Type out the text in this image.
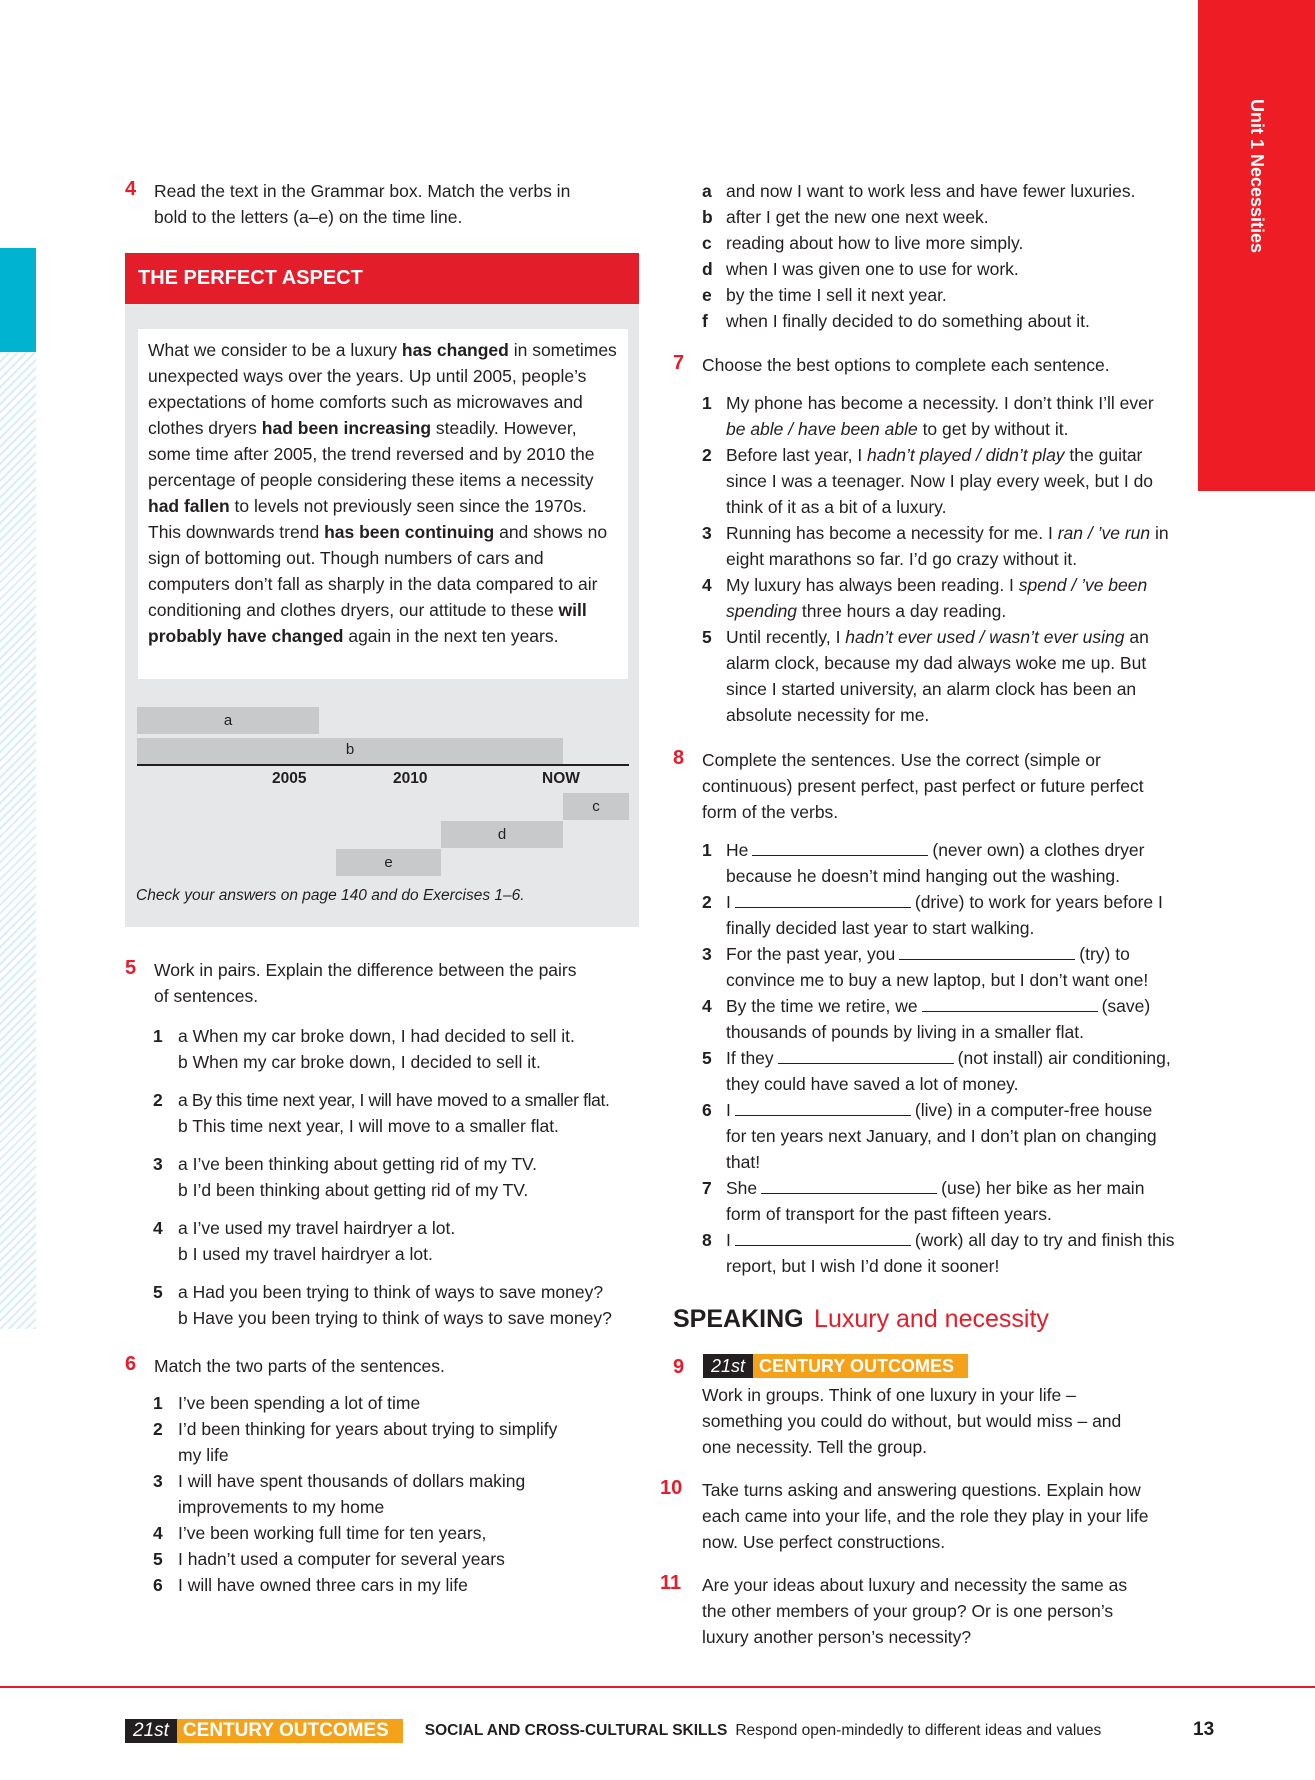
Unit 1 Necessities
4 Read the text in the Grammar box. Match the verbs in
bold to the letters (a–e) on the time line.
THE PERFECT ASPECT
What we consider to be a luxury has changed in sometimes unexpected ways over the years. Up until 2005, people’s expectations of home comforts such as microwaves and clothes dryers had been increasing steadily. However, some time after 2005, the trend reversed and by 2010 the percentage of people considering these items a necessity had fallen to levels not previously seen since the 1970s. This downwards trend has been continuing and shows no sign of bottoming out. Though numbers of cars and computers don’t fall as sharply in the data compared to air conditioning and clothes dryers, our attitude to these will probably have changed again in the next ten years.
a
b
2005	2010	NOW
c
d
e
Check your answers on page 140 and do Exercises 1–6.
5 Work in pairs. Explain the difference between the pairs
of sentences.
1 a When my car broke down, I had decided to sell it.
b When my car broke down, I decided to sell it.
2 a By this time next year, I will have moved to a smaller flat.
b This time next year, I will move to a smaller flat.
3 a I’ve been thinking about getting rid of my TV.
b I’d been thinking about getting rid of my TV.
4 a I’ve used my travel hairdryer a lot.
b I used my travel hairdryer a lot.
5 a Had you been trying to think of ways to save money?
b Have you been trying to think of ways to save money?
6 Match the two parts of the sentences.
1 I’ve been spending a lot of time
2 I’d been thinking for years about trying to simplify
my life
3 I will have spent thousands of dollars making
improvements to my home
4 I’ve been working full time for ten years,
5 I hadn’t used a computer for several years
6 I will have owned three cars in my life
a and now I want to work less and have fewer luxuries.
b after I get the new one next week.
c reading about how to live more simply.
d when I was given one to use for work.
e by the time I sell it next year.
f when I finally decided to do something about it.
7 Choose the best options to complete each sentence.
1 My phone has become a necessity. I don’t think I’ll ever
be able / have been able to get by without it.
2 Before last year, I hadn’t played / didn’t play the guitar
since I was a teenager. Now I play every week, but I do
think of it as a bit of a luxury.
3 Running has become a necessity for me. I ran / ’ve run in
eight marathons so far. I’d go crazy without it.
4 My luxury has always been reading. I spend / ’ve been
spending three hours a day reading.
5 Until recently, I hadn’t ever used / wasn’t ever using an
alarm clock, because my dad always woke me up. But
since I started university, an alarm clock has been an
absolute necessity for me.
8 Complete the sentences. Use the correct (simple or
continuous) present perfect, past perfect or future perfect
form of the verbs.
1 He	(never own) a clothes dryer
because he doesn’t mind hanging out the washing.
2 I	(drive) to work for years before I
finally decided last year to start walking.
3 For the past year, you	(try) to
convince me to buy a new laptop, but I don’t want one!
4 By the time we retire, we	(save)
thousands of pounds by living in a smaller flat.
5 If they	(not install) air conditioning,
they could have saved a lot of money.
6 I	(live) in a computer-free house
for ten years next January, and I don’t plan on changing
that!
7 She	(use) her bike as her main
form of transport for the past fifteen years.
8 I	(work) all day to try and finish this
report, but I wish I’d done it sooner!
SPEAKING Luxury and necessity
9	21st CENTURY OUTCOMES
Work in groups. Think of one luxury in your life –
something you could do without, but would miss – and
one necessity. Tell the group.
10 Take turns asking and answering questions. Explain how
each came into your life, and the role they play in your life
now. Use perfect constructions.
11 Are your ideas about luxury and necessity the same as
the other members of your group? Or is one person’s
luxury another person’s necessity?
21st CENTURY OUTCOMES	SOCIAL AND CROSS-CULTURAL SKILLS Respond open-mindedly to different ideas and values	13
